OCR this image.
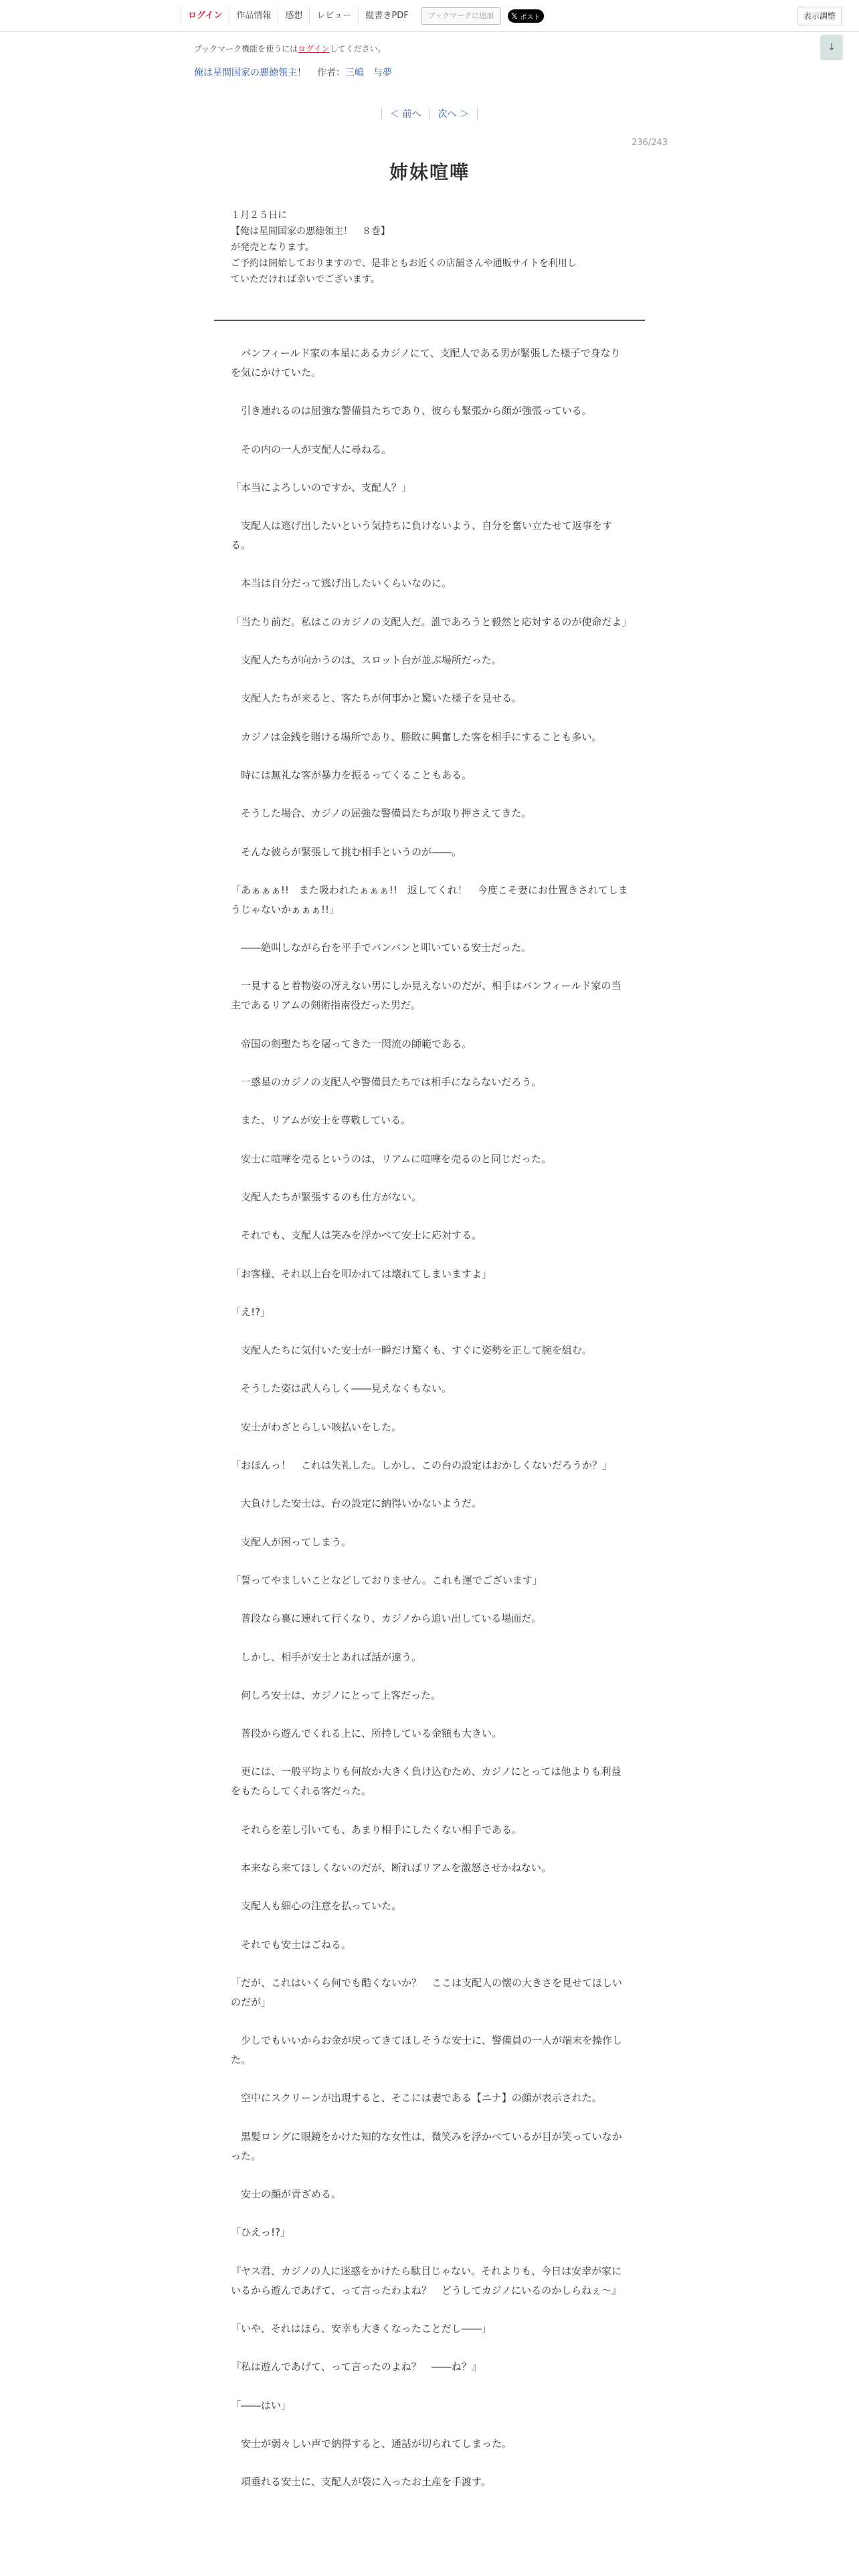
ログイン	作品情報	感想	レビュー	縦書きPDF	ブックマークに追加	𝕏 ポスト	表示調整
↓
ブックマーク機能を使うにはログインしてください。
俺は星間国家の悪徳領主！ 作者：三嶋　与夢
＜ 前へ	次へ ＞
236/243
姉妹喧嘩

１月２５日に

【俺は星間国家の悪徳領主！　８巻】

が発売となります。

ご予約は開始しておりますので、是非ともお近くの店舗さんや通販サイトを利用し

ていただければ幸いでございます。

　バンフィールド家の本星にあるカジノにて、支配人である男が緊張した様子で身なりを気にかけていた。

　引き連れるのは屈強な警備員たちであり、彼らも緊張から顔が強張っている。

　その内の一人が支配人に尋ねる。

「本当によろしいのですか、支配人？」

　支配人は逃げ出したいという気持ちに負けないよう、自分を奮い立たせて返事をする。

　本当は自分だって逃げ出したいくらいなのに。

「当たり前だ。私はこのカジノの支配人だ。誰であろうと毅然と応対するのが使命だよ」

　支配人たちが向かうのは、スロット台が並ぶ場所だった。

　支配人たちが来ると、客たちが何事かと驚いた様子を見せる。

　カジノは金銭を賭ける場所であり、勝敗に興奮した客を相手にすることも多い。

　時には無礼な客が暴力を振るってくることもある。

　そうした場合、カジノの屈強な警備員たちが取り押さえてきた。

　そんな彼らが緊張して挑む相手というのが――。

「あぁぁぁ!!　また吸われたぁぁぁ!!　返してくれ！　今度こそ妻にお仕置きされてしまうじゃないかぁぁぁ!!」

　――絶叫しながら台を平手でバンバンと叩いている安士だった。

　一見すると着物姿の冴えない男にしか見えないのだが、相手はバンフィールド家の当主であるリアムの剣術指南役だった男だ。

　帝国の剣聖たちを屠ってきた一閃流の師範である。

　一惑星のカジノの支配人や警備員たちでは相手にならないだろう。

　また、リアムが安士を尊敬している。

　安士に喧嘩を売るというのは、リアムに喧嘩を売るのと同じだった。

　支配人たちが緊張するのも仕方がない。

　それでも、支配人は笑みを浮かべて安士に応対する。

「お客様、それ以上台を叩かれては壊れてしまいますよ」

「え!?」

　支配人たちに気付いた安士が一瞬だけ驚くも、すぐに姿勢を正して腕を組む。

　そうした姿は武人らしく――見えなくもない。

　安士がわざとらしい咳払いをした。

「おほんっ！　これは失礼した。しかし、この台の設定はおかしくないだろうか？」

　大負けした安士は、台の設定に納得いかないようだ。

　支配人が困ってしまう。

「誓ってやましいことなどしておりません。これも運でございます」

　普段なら裏に連れて行くなり、カジノから追い出している場面だ。

　しかし、相手が安士とあれば話が違う。

　何しろ安士は、カジノにとって上客だった。

　普段から遊んでくれる上に、所持している金額も大きい。

　更には、一般平均よりも何故か大きく負け込むため、カジノにとっては他よりも利益をもたらしてくれる客だった。

　それらを差し引いても、あまり相手にしたくない相手である。

　本来なら来てほしくないのだが、断ればリアムを激怒させかねない。

　支配人も細心の注意を払っていた。

　それでも安士はごねる。

「だが、これはいくら何でも酷くないか？　ここは支配人の懐の大きさを見せてほしいのだが」

　少しでもいいからお金が戻ってきてほしそうな安士に、警備員の一人が端末を操作した。

　空中にスクリーンが出現すると、そこには妻である【ニナ】の顔が表示された。

　黒髪ロングに眼鏡をかけた知的な女性は、微笑みを浮かべているが目が笑っていなかった。

　安士の顔が青ざめる。

「ひえっ!?」

『ヤス君、カジノの人に迷惑をかけたら駄目じゃない。それよりも、今日は安幸が家にいるから遊んであげて、って言ったわよね？　どうしてカジノにいるのかしらねぇ～』

「いや、それはほら、安幸も大きくなったことだし――」

『私は遊んであげて、って言ったのよね？　――ね？』

「――はい」

　安士が弱々しい声で納得すると、通話が切られてしまった。

　項垂れる安士に、支配人が袋に入ったお土産を手渡す。
